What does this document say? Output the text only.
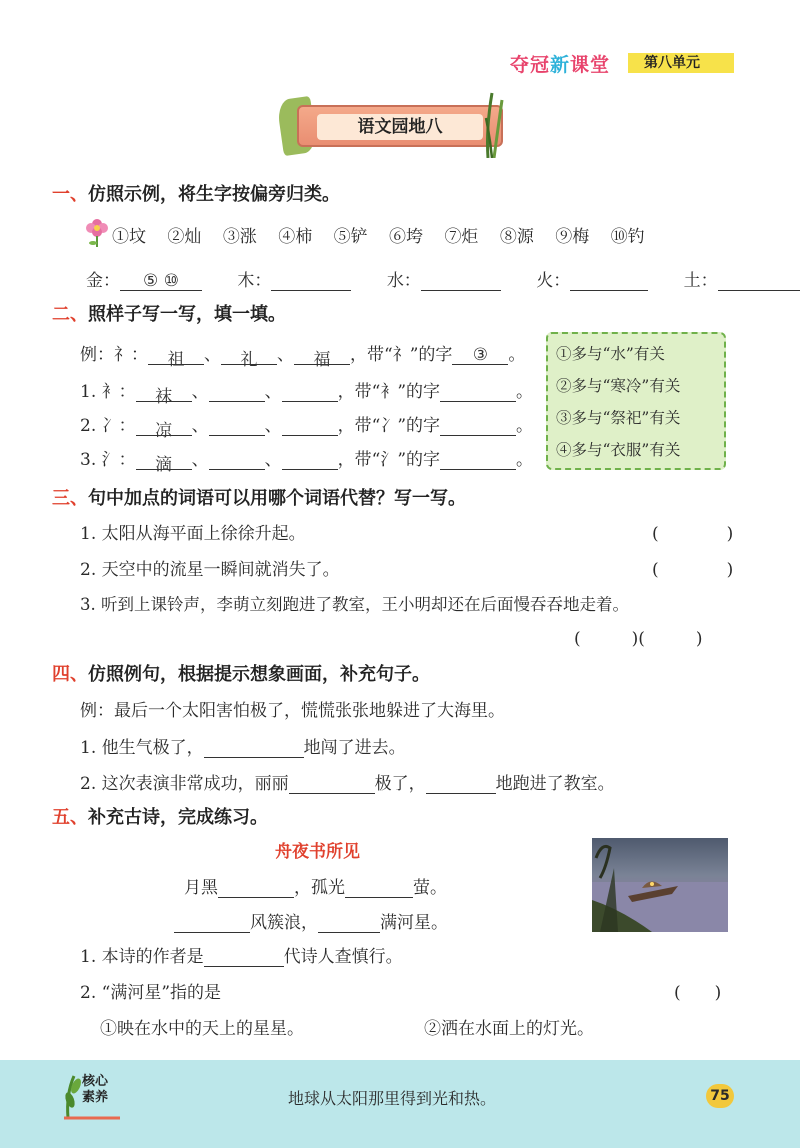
夺冠新课堂	第八单元
语文园地八
一、仿照示例，将生字按偏旁归类。
①坟 ②灿 ③涨 ④柿 ⑤铲 ⑥垮 ⑦炬 ⑧源 ⑨梅 ⑩钓
金： ⑤ ⑩	木：	水：	火：	土：
二、照样子写一写，填一填。
例：礻： 祖 、 礼 、 福 ，带“礻”的字 ③ 。
1. 衤： 袜 、	、	，带“衤”的字	。
2. 冫： 凉 、	、	，带“冫”的字	。
3. 氵： 滴 、	、	，带“氵”的字	。
①多与“水”有关
②多与“寒冷”有关
③多与“祭祀”有关
④多与“衣服”有关
三、句中加点的词语可以用哪个词语代替？写一写。
1. 太阳从海平面上徐徐升起。	(　　　　)
2. 天空中的流星一瞬间就消失了。	(　　　　)
3. 听到上课铃声，李萌立刻跑进了教室，王小明却还在后面慢吞吞地走着。
(　　　)(　　　)
四、仿照例句，根据提示想象画面，补充句子。
例：最后一个太阳害怕极了，慌慌张张地躲进了大海里。
1. 他生气极了，	地闯了进去。
2. 这次表演非常成功，丽丽	极了，	地跑进了教室。
五、补充古诗，完成练习。
舟夜书所见
月黑	，孤光	萤。
风簇浪，	满河星。
1. 本诗的作者是	代诗人查慎行。
2. “满河星”指的是	(　　)
①映在水中的天上的星星。	②洒在水面上的灯光。
核心
素养	地球从太阳那里得到光和热。	75
